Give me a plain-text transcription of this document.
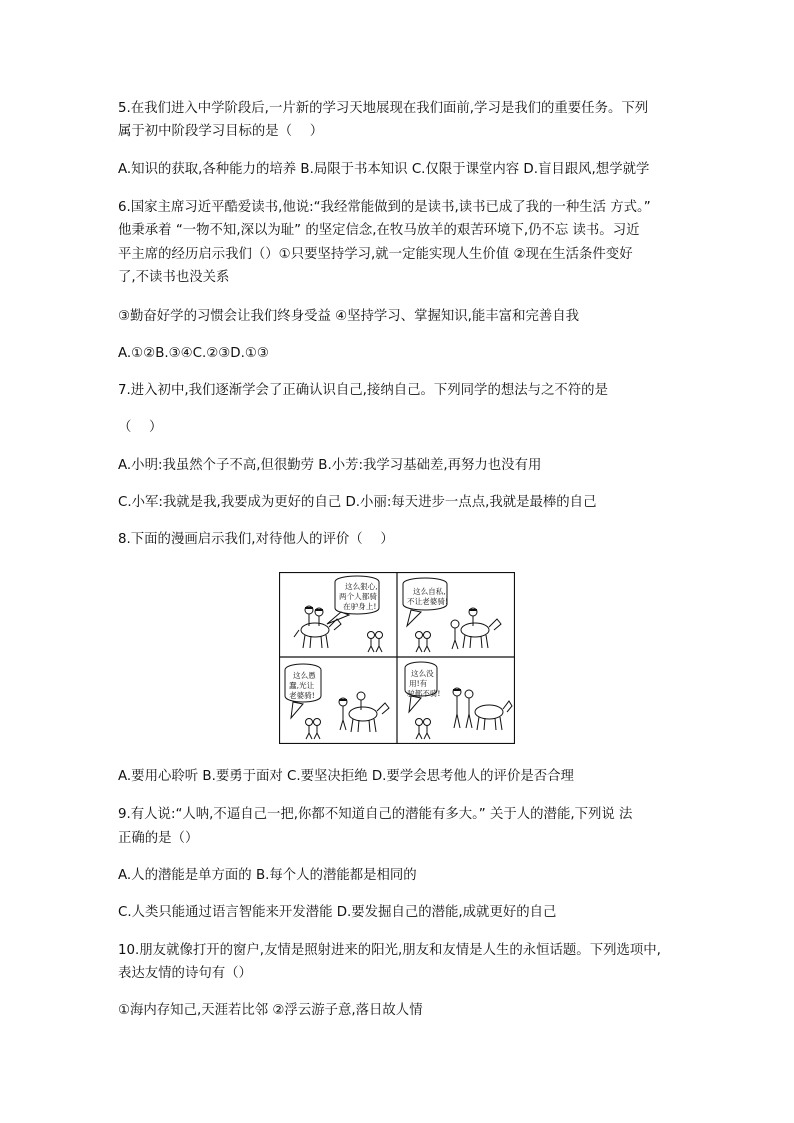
5.在我们进入中学阶段后,一片新的学习天地展现在我们面前,学习是我们的重要任务。下列
属于初中阶段学习目标的是（　 ）
A.知识的获取,各种能力的培养 B.局限于书本知识 C.仅限于课堂内容 D.盲目跟风,想学就学
6.国家主席习近平酷爱读书,他说:“我经常能做到的是读书,读书已成了我的一种生活 方式。”
他秉承着 “一物不知,深以为耻” 的坚定信念,在牧马放羊的艰苦环境下,仍不忘 读书。习近
平主席的经历启示我们（）①只要坚持学习,就一定能实现人生价值 ②现在生活条件变好
了,不读书也没关系
③勤奋好学的习惯会让我们终身受益 ④坚持学习、掌握知识,能丰富和完善自我
A.①②B.③④C.②③D.①③
7.进入初中,我们逐渐学会了正确认识自己,接纳自己。下列同学的想法与之不符的是
（　 ）
A.小明:我虽然个子不高,但很勤劳 B.小芳:我学习基础差,再努力也没有用
C.小军:我就是我,我要成为更好的自己 D.小丽:每天进步一点点,我就是最棒的自己
8.下面的漫画启示我们,对待他人的评价（　 ）
这么狠心,
两个人都骑
在驴身上!
这么自私,
不让老婆骑!
这么愚
蠢,光让
老婆骑!
这么没
用!有
驴都不骑!
A.要用心聆听 B.要勇于面对 C.要坚决拒绝 D.要学会思考他人的评价是否合理
9.有人说:“人呐,不逼自己一把,你都不知道自己的潜能有多大。” 关于人的潜能,下列说 法
正确的是（）
A.人的潜能是单方面的 B.每个人的潜能都是相同的
C.人类只能通过语言智能来开发潜能 D.要发掘自己的潜能,成就更好的自己
10.朋友就像打开的窗户,友情是照射进来的阳光,朋友和友情是人生的永恒话题。下列选项中,
表达友情的诗句有（）
①海内存知己,天涯若比邻 ②浮云游子意,落日故人情
